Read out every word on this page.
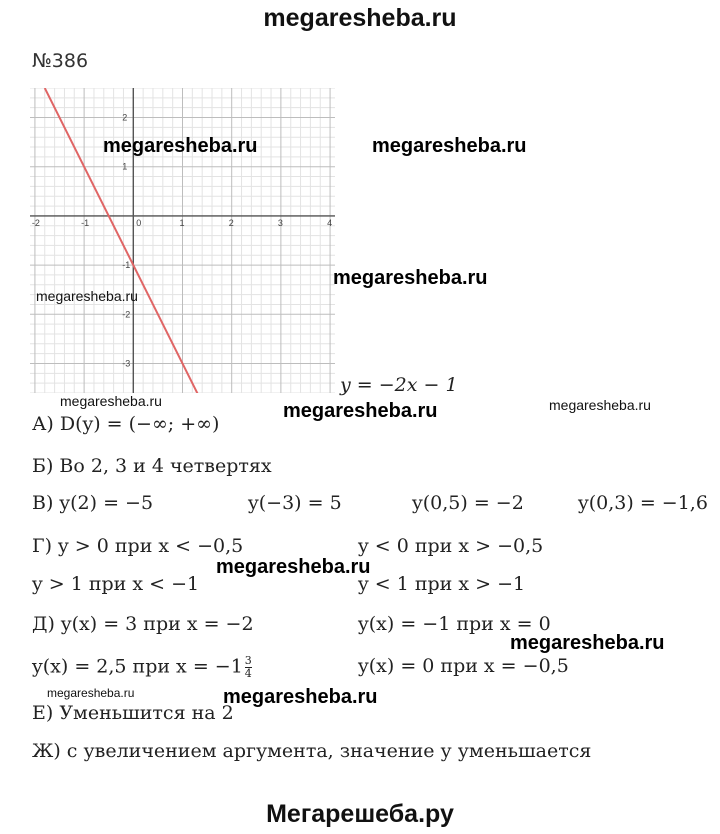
megaresheba.ru
№386
-2	-1	0	1	2	3	4
2
1
-1
-2
-3
y = −2x − 1
megaresheba.ru	megaresheba.ru
megaresheba.ru
megaresheba.ru
megaresheba.ru	megaresheba.ru	megaresheba.ru
megaresheba.ru
megaresheba.ru
megaresheba.ru	megaresheba.ru
А) D(y) = (−∞; +∞)
Б) Во 2, 3 и 4 четвертях
В) y(2) = −5	y(−3) = 5	y(0,5) = −2	y(0,3) = −1,6
Г) y > 0 при x < −0,5	y < 0 при x > −0,5
y > 1 при x < −1	y < 1 при x > −1
Д) y(x) = 3 при x = −2	y(x) = −1 при x = 0
y(x) = 2,5 при $x = -1 \frac{3}{4}$	y(x) = 0 при x = −0,5
Е) Уменьшится на 2
Ж) с увеличением аргумента, значение у уменьшается
Мегарешеба.ру
